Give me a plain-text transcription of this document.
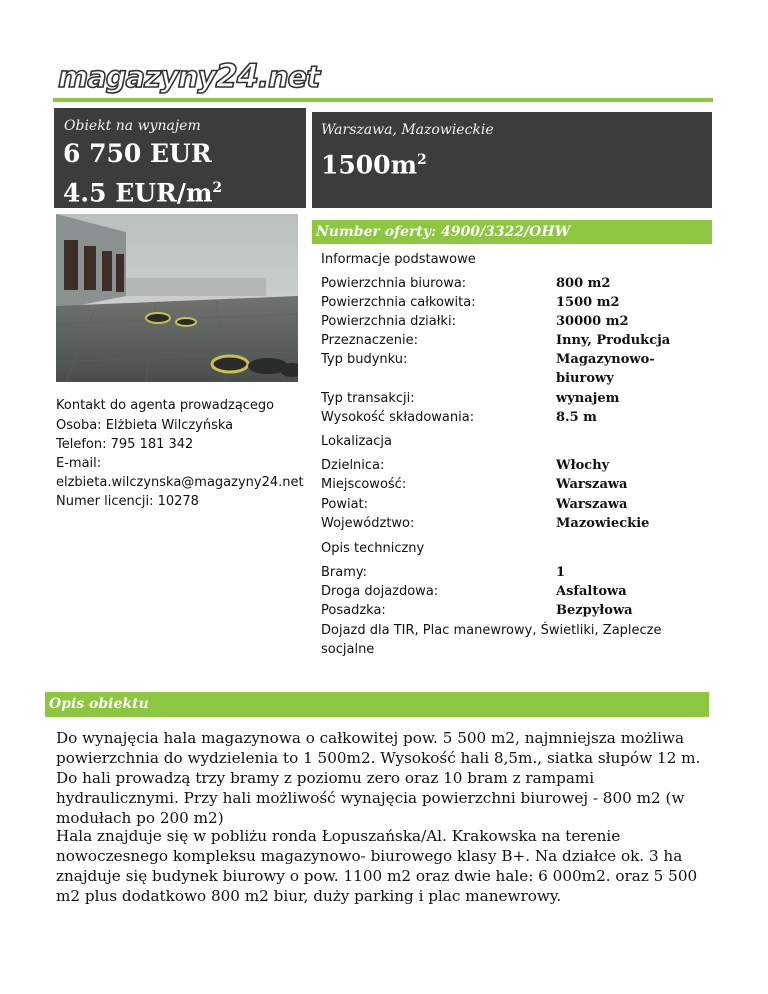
magazyny24.net
Obiekt na wynajem
6 750 EUR
4.5 EUR/$m^2$
Warszawa, Mazowieckie
$1500m^2$
Number oferty: 4900/3322/OHW
Kontakt do agenta prowadzącego
Osoba: Elżbieta Wilczyńska
Telefon: 795 181 342
E-mail:
elzbieta.wilczynska@magazyny24.net
Numer licencji: 10278
Informacje podstawowe
Powierzchnia biurowa:	800 m2
Powierzchnia całkowita:	1500 m2
Powierzchnia działki:	30000 m2
Przeznaczenie:	Inny, Produkcja
Typ budynku:	Magazynowo-
biurowy
Typ transakcji:	wynajem
Wysokość składowania:	8.5 m
Lokalizacja
Dzielnica:	Włochy
Miejscowość:	Warszawa
Powiat:	Warszawa
Województwo:	Mazowieckie
Opis techniczny
Bramy:	1
Droga dojazdowa:	Asfaltowa
Posadzka:	Bezpyłowa
Dojazd dla TIR, Plac manewrowy, Świetliki, Zaplecze socjalne
Opis obiektu
Do wynajęcia hala magazynowa o całkowitej pow. 5 500 m2, najmniejsza możliwa powierzchnia do wydzielenia to 1 500m2. Wysokość hali 8,5m., siatka słupów 12 m. Do hali prowadzą trzy bramy z poziomu zero oraz 10 bram z rampami hydraulicznymi. Przy hali możliwość wynajęcia powierzchni biurowej - 800 m2 (w modułach po 200 m2)
Hala znajduje się w pobliżu ronda Łopuszańska/Al. Krakowska na terenie nowoczesnego kompleksu magazynowo- biurowego klasy B+. Na działce ok. 3 ha znajduje się budynek biurowy o pow. 1100 m2 oraz dwie hale: 6 000m2. oraz 5 500 m2 plus dodatkowo 800 m2 biur, duży parking i plac manewrowy.
